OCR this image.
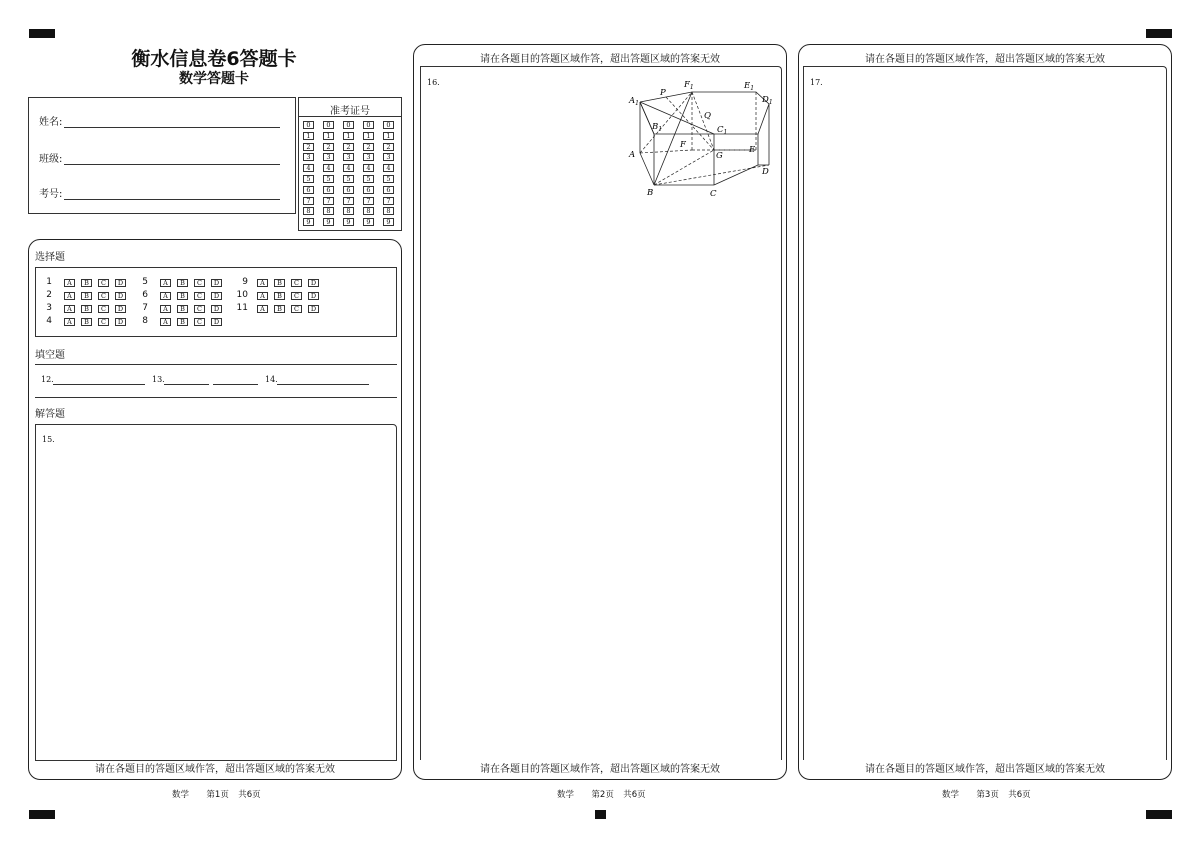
衡水信息卷6答题卡
数学答题卡
姓名:
班级:
考号:
准考证号
0	0	0	0	0
1	1	1	1	1
2	2	2	2	2
3	3	3	3	3
4	4	4	4	4
5	5	5	5	5
6	6	6	6	6
7	7	7	7	7
8	8	8	8	8
9	9	9	9	9
选择题
1	A	B	C	D
2	A	B	C	D
3	A	B	C	D
4	A	B	C	D
5	A	B	C	D
6	A	B	C	D
7	A	B	C	D
8	A	B	C	D
9	A	B	C	D
10	A	B	C	D
11	A	B	C	D
填空题
12.	13.	14.
解答题
15.
请在各题目的答题区域作答，超出答题区域的答案无效
请在各题目的答题区域作答，超出答题区域的答案无效
16.
$A_1$
$B_1$	$C_1$
$D_1$
$E_1$
$F_1$
P
Q
A
B	C
D
E
F
G
请在各题目的答题区域作答，超出答题区域的答案无效
请在各题目的答题区域作答，超出答题区域的答案无效
17.
请在各题目的答题区域作答，超出答题区域的答案无效
数学 第1页 共6页	数学 第2页 共6页	数学 第3页 共6页
